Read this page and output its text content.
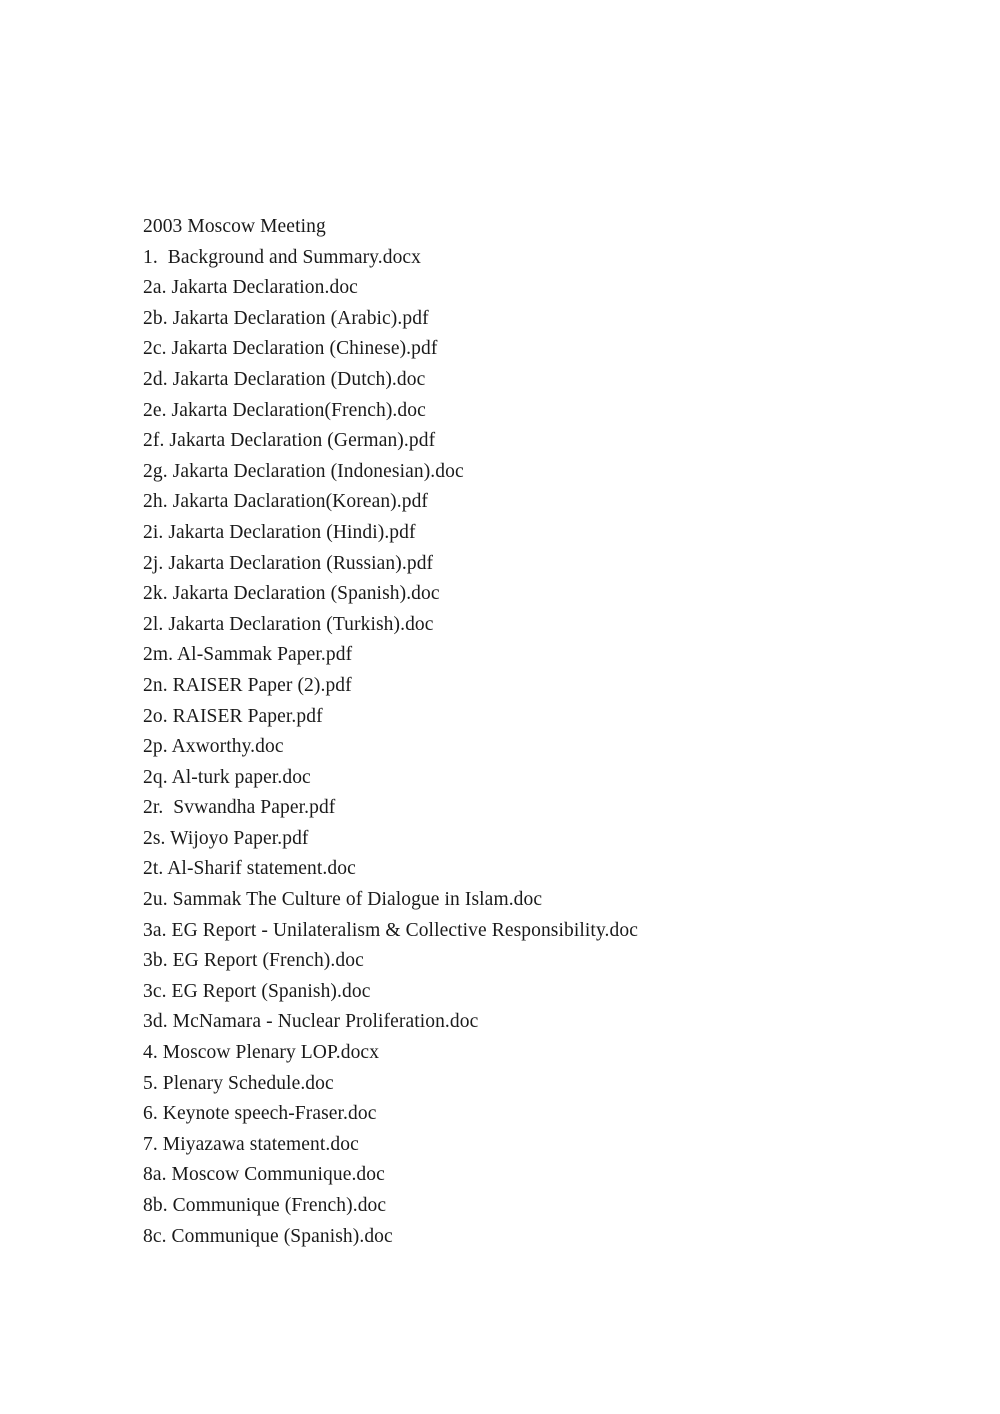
2003 Moscow Meeting
1.  Background and Summary.docx
2a. Jakarta Declaration.doc
2b. Jakarta Declaration (Arabic).pdf
2c. Jakarta Declaration (Chinese).pdf
2d. Jakarta Declaration (Dutch).doc
2e. Jakarta Declaration(French).doc
2f. Jakarta Declaration (German).pdf
2g. Jakarta Declaration (Indonesian).doc
2h. Jakarta Daclaration(Korean).pdf
2i. Jakarta Declaration (Hindi).pdf
2j. Jakarta Declaration (Russian).pdf
2k. Jakarta Declaration (Spanish).doc
2l. Jakarta Declaration (Turkish).doc
2m. Al-Sammak Paper.pdf
2n. RAISER Paper (2).pdf
2o. RAISER Paper.pdf
2p. Axworthy.doc
2q. Al-turk paper.doc
2r.  Svwandha Paper.pdf
2s. Wijoyo Paper.pdf
2t. Al-Sharif statement.doc
2u. Sammak The Culture of Dialogue in Islam.doc
3a. EG Report - Unilateralism & Collective Responsibility.doc
3b. EG Report (French).doc
3c. EG Report (Spanish).doc
3d. McNamara - Nuclear Proliferation.doc
4. Moscow Plenary LOP.docx
5. Plenary Schedule.doc
6. Keynote speech-Fraser.doc
7. Miyazawa statement.doc
8a. Moscow Communique.doc
8b. Communique (French).doc
8c. Communique (Spanish).doc
